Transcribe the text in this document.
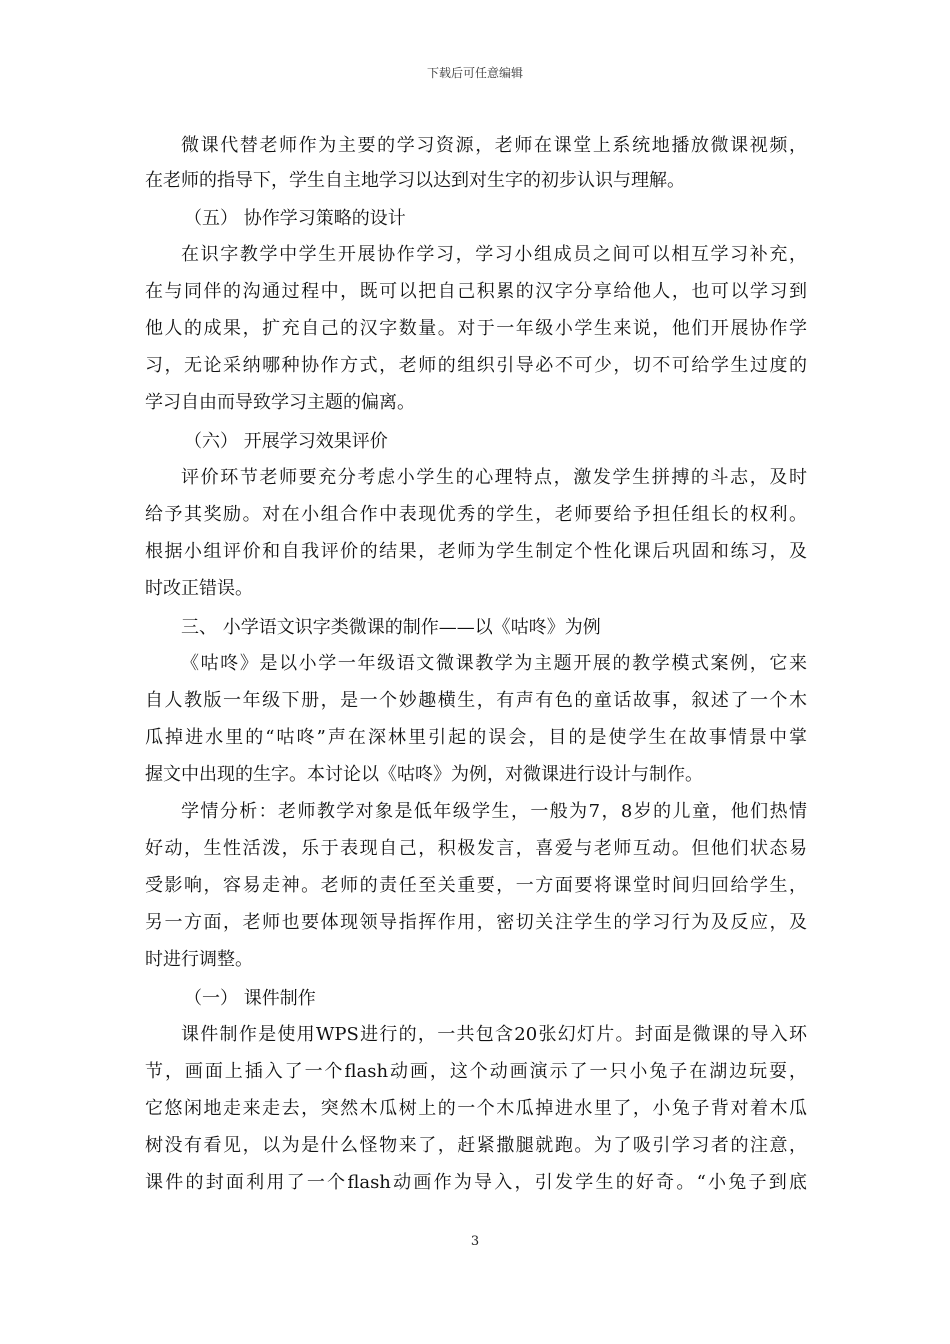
下载后可任意编辑
微课代替老师作为主要的学习资源，老师在课堂上系统地播放微课视频，
在老师的指导下，学生自主地学习以达到对生字的初步认识与理解。
（五） 协作学习策略的设计
在识字教学中学生开展协作学习，学习小组成员之间可以相互学习补充，
在与同伴的沟通过程中，既可以把自己积累的汉字分享给他人，也可以学习到
他人的成果，扩充自己的汉字数量。对于一年级小学生来说，他们开展协作学
习，无论采纳哪种协作方式，老师的组织引导必不可少，切不可给学生过度的
学习自由而导致学习主题的偏离。
（六） 开展学习效果评价
评价环节老师要充分考虑小学生的心理特点，激发学生拼搏的斗志，及时
给予其奖励。对在小组合作中表现优秀的学生，老师要给予担任组长的权利。
根据小组评价和自我评价的结果，老师为学生制定个性化课后巩固和练习，及
时改正错误。
三、 小学语文识字类微课的制作——以《咕咚》为例
《咕咚》是以小学一年级语文微课教学为主题开展的教学模式案例，它来
自人教版一年级下册，是一个妙趣横生，有声有色的童话故事，叙述了一个木
瓜掉进水里的“咕咚”声在深林里引起的误会，目的是使学生在故事情景中掌
握文中出现的生字。本讨论以《咕咚》为例，对微课进行设计与制作。
学情分析：老师教学对象是低年级学生，一般为7，8岁的儿童，他们热情
好动，生性活泼，乐于表现自己，积极发言，喜爱与老师互动。但他们状态易
受影响，容易走神。老师的责任至关重要，一方面要将课堂时间归回给学生，
另一方面，老师也要体现领导指挥作用，密切关注学生的学习行为及反应，及
时进行调整。
（一） 课件制作
课件制作是使用WPS进行的，一共包含20张幻灯片。封面是微课的导入环
节，画面上插入了一个flash动画，这个动画演示了一只小兔子在湖边玩耍，
它悠闲地走来走去，突然木瓜树上的一个木瓜掉进水里了，小兔子背对着木瓜
树没有看见，以为是什么怪物来了，赶紧撒腿就跑。为了吸引学习者的注意，
课件的封面利用了一个flash动画作为导入，引发学生的好奇。“小兔子到底
3
